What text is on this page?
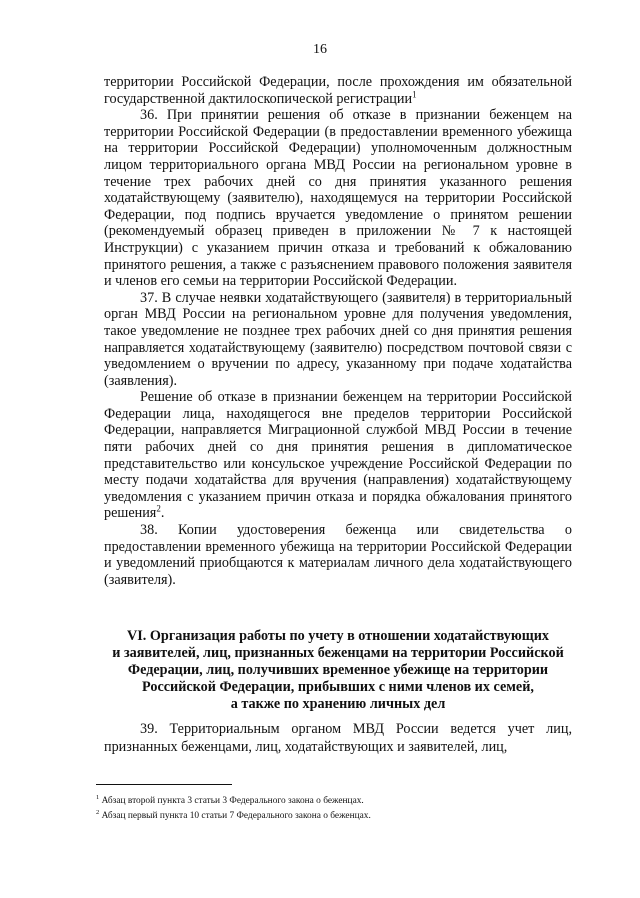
16

территории Российской Федерации, после прохождения им обязательной государственной дактилоскопической регистрации$^1$

36. При принятии решения об отказе в признании беженцем на территории Российской Федерации (в предоставлении временного убежища на территории Российской Федерации) уполномоченным должностным лицом территориального органа МВД России на региональном уровне в течение трех рабочих дней со дня принятия указанного решения ходатайствующему (заявителю), находящемуся на территории Российской Федерации, под подпись вручается уведомление о принятом решении (рекомендуемый образец приведен в приложении № 7 к настоящей Инструкции) с указанием причин отказа и требований к обжалованию принятого решения, а также с разъяснением правового положения заявителя и членов его семьи на территории Российской Федерации.

37. В случае неявки ходатайствующего (заявителя) в территориальный орган МВД России на региональном уровне для получения уведомления, такое уведомление не позднее трех рабочих дней со дня принятия решения направляется ходатайствующему (заявителю) посредством почтовой связи с уведомлением о вручении по адресу, указанному при подаче ходатайства (заявления).

Решение об отказе в признании беженцем на территории Российской Федерации лица, находящегося вне пределов территории Российской Федерации, направляется Миграционной службой МВД России в течение пяти рабочих дней со дня принятия решения в дипломатическое представительство или консульское учреждение Российской Федерации по месту подачи ходатайства для вручения (направления) ходатайствующему уведомления с указанием причин отказа и порядка обжалования принятого решения$^2$.

38. Копии удостоверения беженца или свидетельства о предоставлении временного убежища на территории Российской Федерации и уведомлений приобщаются к материалам личного дела ходатайствующего (заявителя).

VI. Организация работы по учету в отношении ходатайствующих
и заявителей, лиц, признанных беженцами на территории Российской
Федерации, лиц, получивших временное убежище на территории
Российской Федерации, прибывших с ними членов их семей,
а также по хранению личных дел

39. Территориальным органом МВД России ведется учет лиц, признанных беженцами, лиц, ходатайствующих и заявителей, лиц,

$^1$ Абзац второй пункта 3 статьи 3 Федерального закона о беженцах.
$^2$ Абзац первый пункта 10 статьи 7 Федерального закона о беженцах.
